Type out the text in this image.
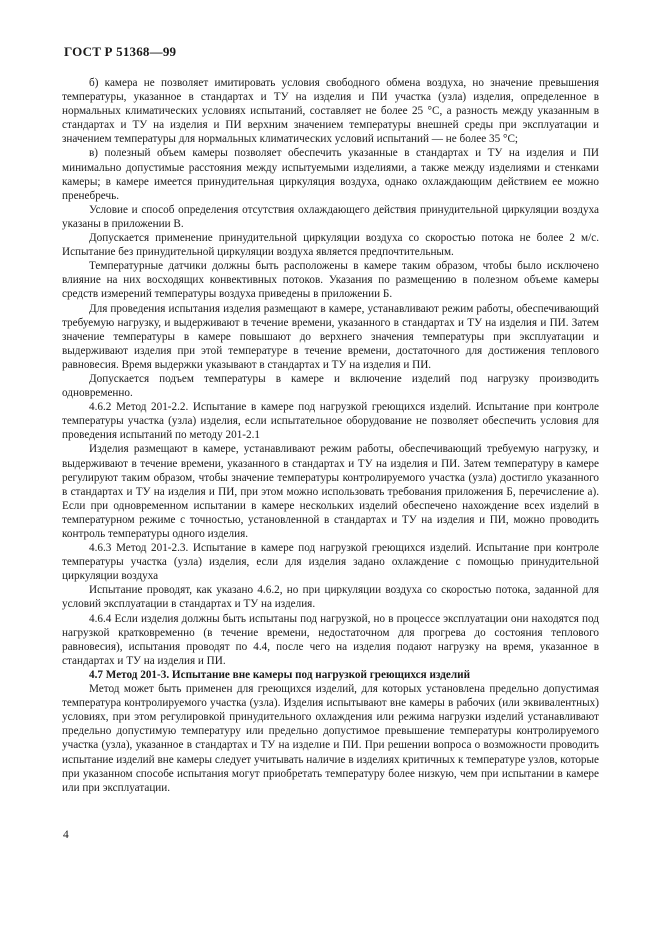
ГОСТ Р 51368—99

б) камера не позволяет имитировать условия свободного обмена воздуха, но значение превышения температуры, указанное в стандартах и ТУ на изделия и ПИ участка (узла) изделия, определенное в нормальных климатических условиях испытаний, составляет не более 25 °С, а разность между указанным в стандартах и ТУ на изделия и ПИ верхним значением температуры внешней среды при эксплуатации и значением температуры для нормальных климатических условий испытаний — не более 35 °С;

в) полезный объем камеры позволяет обеспечить указанные в стандартах и ТУ на изделия и ПИ минимально допустимые расстояния между испытуемыми изделиями, а также между изделиями и стенками камеры; в камере имеется принудительная циркуляция воздуха, однако охлаждающим действием ее можно пренебречь.

Условие и способ определения отсутствия охлаждающего действия принудительной циркуляции воздуха указаны в приложении В.

Допускается применение принудительной циркуляции воздуха со скоростью потока не более 2 м/с. Испытание без принудительной циркуляции воздуха является предпочтительным.

Температурные датчики должны быть расположены в камере таким образом, чтобы было исключено влияние на них восходящих конвективных потоков. Указания по размещению в полезном объеме камеры средств измерений температуры воздуха приведены в приложении Б.

Для проведения испытания изделия размещают в камере, устанавливают режим работы, обеспечивающий требуемую нагрузку, и выдерживают в течение времени, указанного в стандартах и ТУ на изделия и ПИ. Затем значение температуры в камере повышают до верхнего значения температуры при эксплуатации и выдерживают изделия при этой температуре в течение времени, достаточного для достижения теплового равновесия. Время выдержки указывают в стандартах и ТУ на изделия и ПИ.

Допускается подъем температуры в камере и включение изделий под нагрузку производить одновременно.

4.6.2 Метод 201-2.2. Испытание в камере под нагрузкой греющихся изделий. Испытание при контроле температуры участка (узла) изделия, если испытательное оборудование не позволяет обеспечить условия для проведения испытаний по методу 201-2.1

Изделия размещают в камере, устанавливают режим работы, обеспечивающий требуемую нагрузку, и выдерживают в течение времени, указанного в стандартах и ТУ на изделия и ПИ. Затем температуру в камере регулируют таким образом, чтобы значение температуры контролируемого участка (узла) достигло указанного в стандартах и ТУ на изделия и ПИ, при этом можно использовать требования приложения Б, перечисление а). Если при одновременном испытании в камере нескольких изделий обеспечено нахождение всех изделий в температурном режиме с точностью, установленной в стандартах и ТУ на изделия и ПИ, можно проводить контроль температуры одного изделия.

4.6.3 Метод 201-2.3. Испытание в камере под нагрузкой греющихся изделий. Испытание при контроле температуры участка (узла) изделия, если для изделия задано охлаждение с помощью принудительной циркуляции воздуха

Испытание проводят, как указано 4.6.2, но при циркуляции воздуха со скоростью потока, заданной для условий эксплуатации в стандартах и ТУ на изделия.

4.6.4 Если изделия должны быть испытаны под нагрузкой, но в процессе эксплуатации они находятся под нагрузкой кратковременно (в течение времени, недостаточном для прогрева до состояния теплового равновесия), испытания проводят по 4.4, после чего на изделия подают нагрузку на время, указанное в стандартах и ТУ на изделия и ПИ.

4.7 Метод 201-3. Испытание вне камеры под нагрузкой греющихся изделий

Метод может быть применен для греющихся изделий, для которых установлена предельно допустимая температура контролируемого участка (узла). Изделия испытывают вне камеры в рабочих (или эквивалентных) условиях, при этом регулировкой принудительного охлаждения или режима нагрузки изделий устанавливают предельно допустимую температуру или предельно допустимое превышение температуры контролируемого участка (узла), указанное в стандартах и ТУ на изделие и ПИ. При решении вопроса о возможности проводить испытание изделий вне камеры следует учитывать наличие в изделиях критичных к температуре узлов, которые при указанном способе испытания могут приобретать температуру более низкую, чем при испытании в камере или при эксплуатации.

4
